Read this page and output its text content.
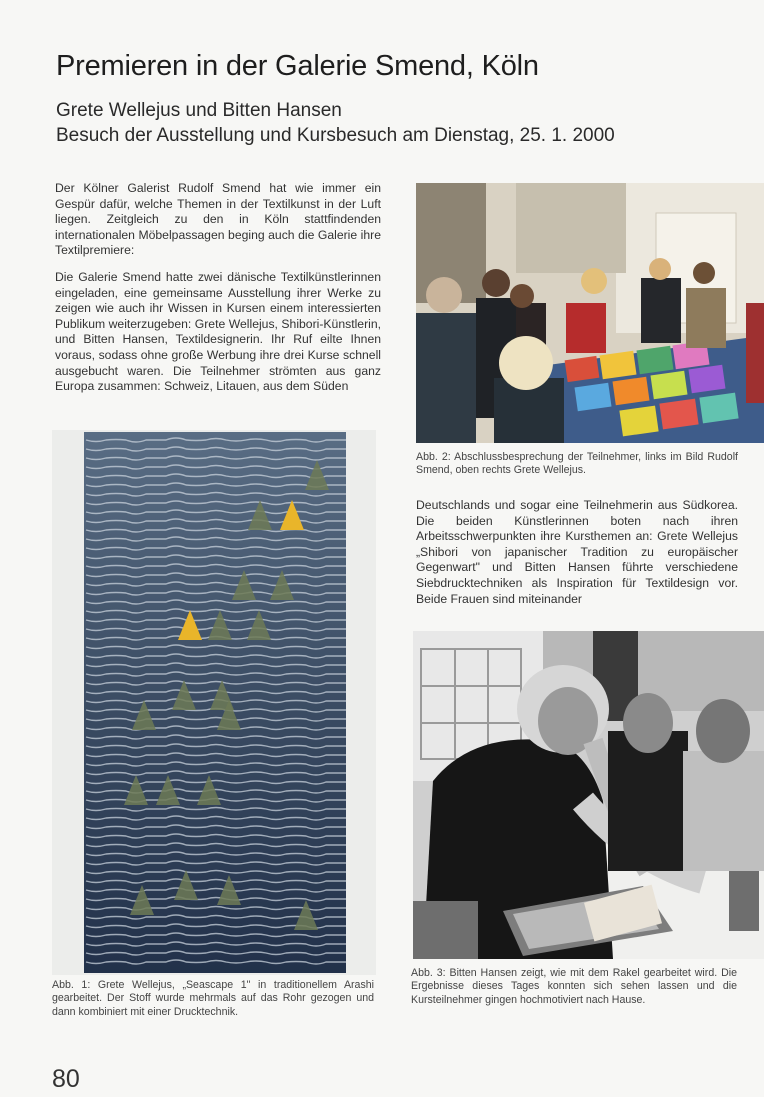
Premieren in der Galerie Smend, Köln
Grete Wellejus und Bitten Hansen
Besuch der Ausstellung und Kursbesuch am Dienstag, 25. 1. 2000

Der Kölner Galerist Rudolf Smend hat wie immer ein Gespür dafür, welche Themen in der Textilkunst in der Luft liegen. Zeitgleich zu den in Köln stattfindenden internationalen Möbelpassagen beging auch die Galerie ihre Textilpremiere:

Die Galerie Smend hatte zwei dänische Textilkünstlerinnen eingeladen, eine gemeinsame Ausstellung ihrer Werke zu zeigen wie auch ihr Wissen in Kursen einem interessierten Publikum weiterzugeben: Grete Wellejus, Shibori-Künstlerin, und Bitten Hansen, Textildesignerin. Ihr Ruf eilte Ihnen voraus, sodass ohne große Werbung ihre drei Kurse schnell ausgebucht waren. Die Teilnehmer strömten aus ganz Europa zusammen: Schweiz, Litauen, aus dem Süden

Deutschlands und sogar eine Teilnehmerin aus Südkorea. Die beiden Künstlerinnen boten nach ihren Arbeitsschwerpunkten ihre Kursthemen an: Grete Wellejus „Shibori von japanischer Tradition zu europäischer Gegenwart" und Bitten Hansen führte verschiedene Siebdrucktechniken als Inspiration für Textildesign vor. Beide Frauen sind miteinander

Abb. 1: Grete Wellejus, „Seascape 1" in traditionellem Arashi gearbeitet. Der Stoff wurde mehrmals auf das Rohr gezogen und dann kombiniert mit einer Drucktechnik.

Abb. 2: Abschlussbesprechung der Teilnehmer, links im Bild Rudolf Smend, oben rechts Grete Wellejus.

Abb. 3: Bitten Hansen zeigt, wie mit dem Rakel gearbeitet wird. Die Ergebnisse dieses Tages konnten sich sehen lassen und die Kursteilnehmer gingen hochmotiviert nach Hause.

80
